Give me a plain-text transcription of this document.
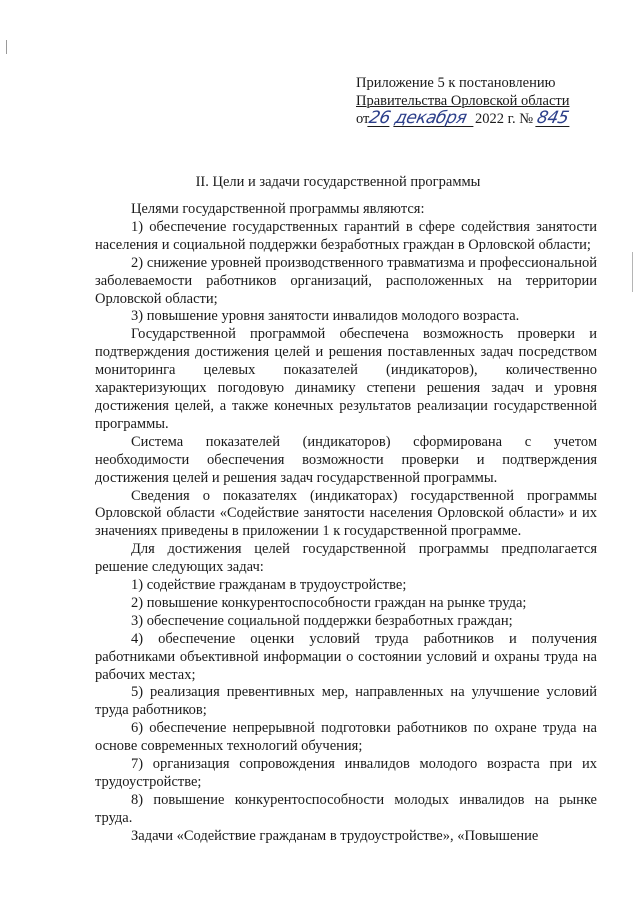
Приложение 5 к постановлению
Правительства Орловской области
от26 декабря 2022 г. № 845
II. Цели и задачи государственной программы

Целями государственной программы являются:

1) обеспечение государственных гарантий в сфере содействия занятости населения и социальной поддержки безработных граждан в Орловской области;

2) снижение уровней производственного травматизма и профессиональной заболеваемости работников организаций, расположенных на территории Орловской области;

3) повышение уровня занятости инвалидов молодого возраста.

Государственной программой обеспечена возможность проверки и подтверждения достижения целей и решения поставленных задач посредством мониторинга целевых показателей (индикаторов), количественно характеризующих погодовую динамику степени решения задач и уровня достижения целей, а также конечных результатов реализации государственной программы.

Система показателей (индикаторов) сформирована с учетом необходимости обеспечения возможности проверки и подтверждения достижения целей и решения задач государственной программы.

Сведения о показателях (индикаторах) государственной программы Орловской области «Содействие занятости населения Орловской области» и их значениях приведены в приложении 1 к государственной программе.

Для достижения целей государственной программы предполагается решение следующих задач:

1) содействие гражданам в трудоустройстве;

2) повышение конкурентоспособности граждан на рынке труда;

3) обеспечение социальной поддержки безработных граждан;

4) обеспечение оценки условий труда работников и получения работниками объективной информации о состоянии условий и охраны труда на рабочих местах;

5) реализация превентивных мер, направленных на улучшение условий труда работников;

6) обеспечение непрерывной подготовки работников по охране труда на основе современных технологий обучения;

7) организация сопровождения инвалидов молодого возраста при их трудоустройстве;

8) повышение конкурентоспособности молодых инвалидов на рынке труда.

Задачи «Содействие гражданам в трудоустройстве», «Повышение
